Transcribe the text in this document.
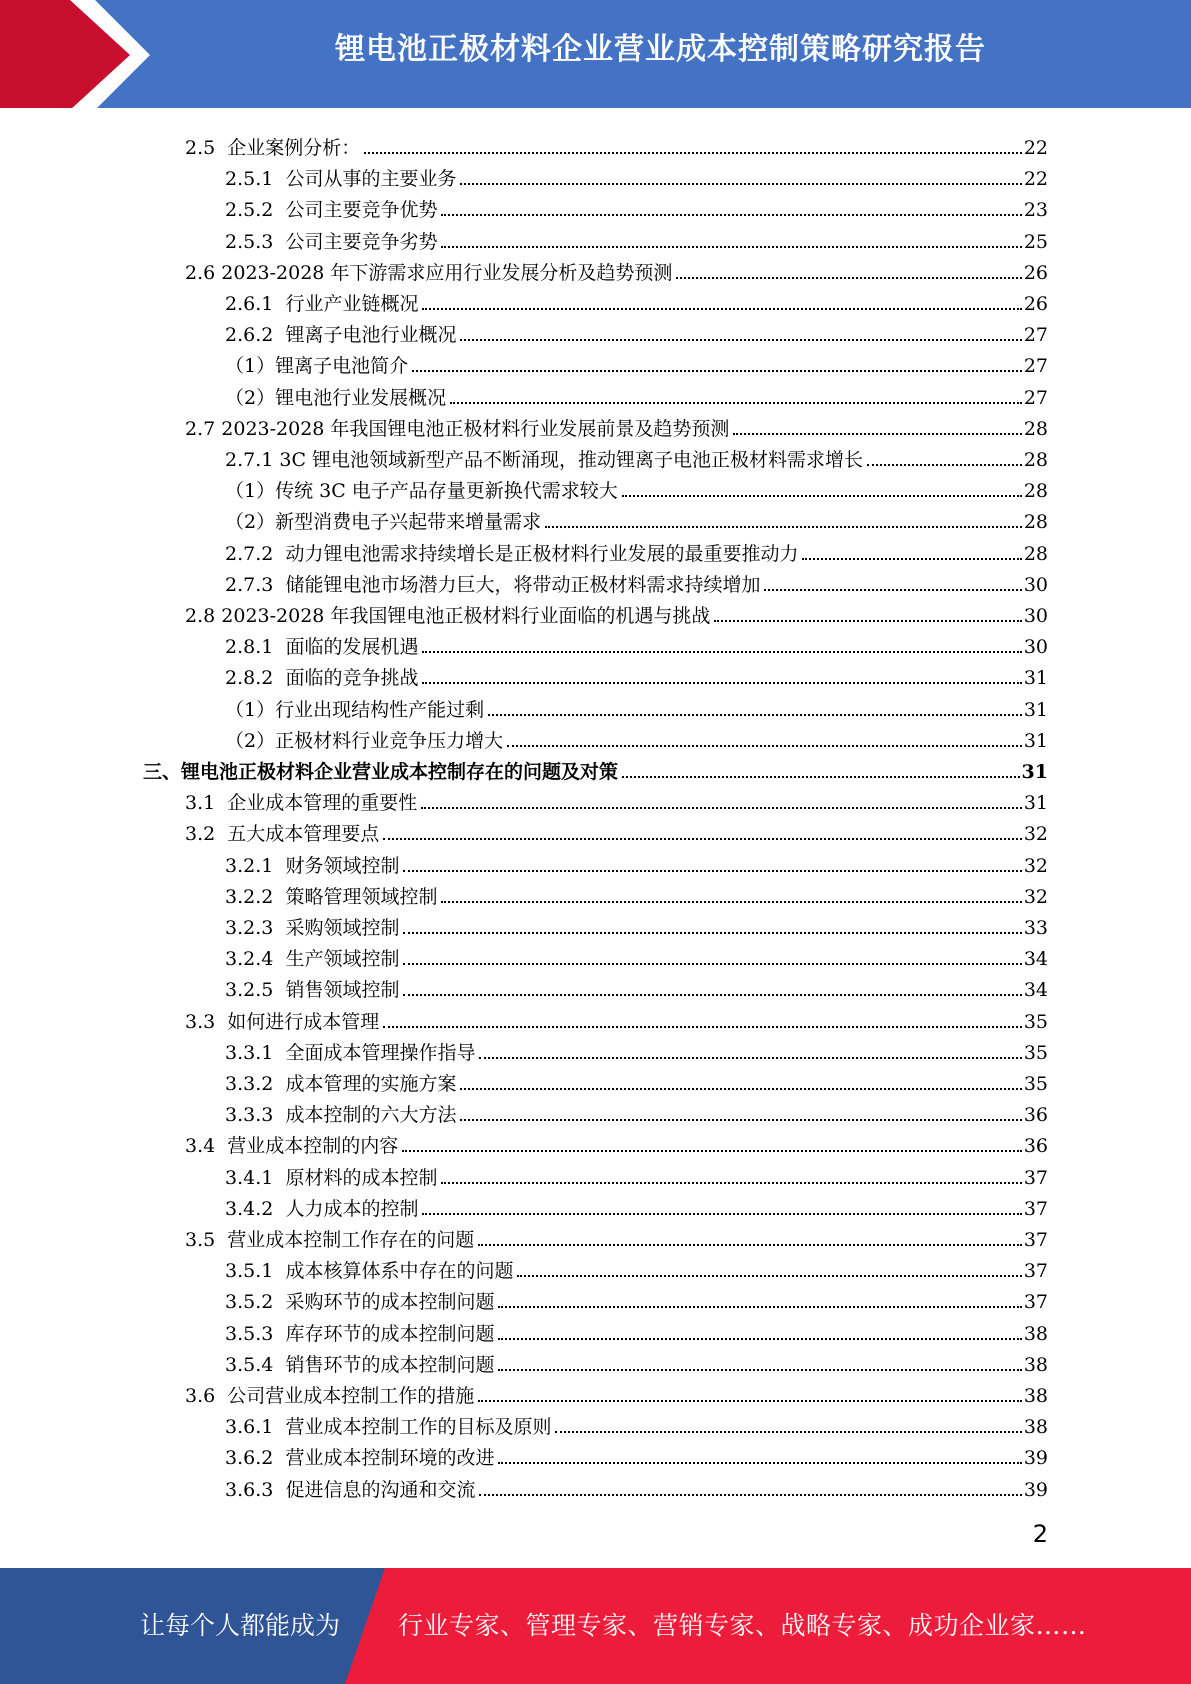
锂电池正极材料企业营业成本控制策略研究报告
2.5 企业案例分析：	22
2.5.1 公司从事的主要业务	22
2.5.2 公司主要竞争优势	23
2.5.3 公司主要竞争劣势	25
2.6 2023-2028 年下游需求应用行业发展分析及趋势预测	26
2.6.1 行业产业链概况	26
2.6.2 锂离子电池行业概况	27
（1） 锂离子电池简介	27
（2） 锂电池行业发展概况	27
2.7 2023-2028 年我国锂电池正极材料行业发展前景及趋势预测	28
2.7.1 3C 锂电池领域新型产品不断涌现，推动锂离子电池正极材料需求增长	28
（1） 传统 3C 电子产品存量更新换代需求较大	28
（2） 新型消费电子兴起带来增量需求	28
2.7.2 动力锂电池需求持续增长是正极材料行业发展的最重要推动力	28
2.7.3 储能锂电池市场潜力巨大，将带动正极材料需求持续增加	30
2.8 2023-2028 年我国锂电池正极材料行业面临的机遇与挑战	30
2.8.1 面临的发展机遇	30
2.8.2 面临的竞争挑战	31
（1） 行业出现结构性产能过剩	31
（2） 正极材料行业竞争压力增大	31
三、 锂电池正极材料企业营业成本控制存在的问题及对策	31
3.1 企业成本管理的重要性	31
3.2 五大成本管理要点	32
3.2.1 财务领域控制	32
3.2.2 策略管理领域控制	32
3.2.3 采购领域控制	33
3.2.4 生产领域控制	34
3.2.5 销售领域控制	34
3.3 如何进行成本管理	35
3.3.1 全面成本管理操作指导	35
3.3.2 成本管理的实施方案	35
3.3.3 成本控制的六大方法	36
3.4 营业成本控制的内容	36
3.4.1 原材料的成本控制	37
3.4.2 人力成本的控制	37
3.5 营业成本控制工作存在的问题	37
3.5.1 成本核算体系中存在的问题	37
3.5.2 采购环节的成本控制问题	37
3.5.3 库存环节的成本控制问题	38
3.5.4 销售环节的成本控制问题	38
3.6 公司营业成本控制工作的措施	38
3.6.1 营业成本控制工作的目标及原则	38
3.6.2 营业成本控制环境的改进	39
3.6.3 促进信息的沟通和交流	39
2
让每个人都能成为 行业专家、管理专家、营销专家、战略专家、成功企业家……
